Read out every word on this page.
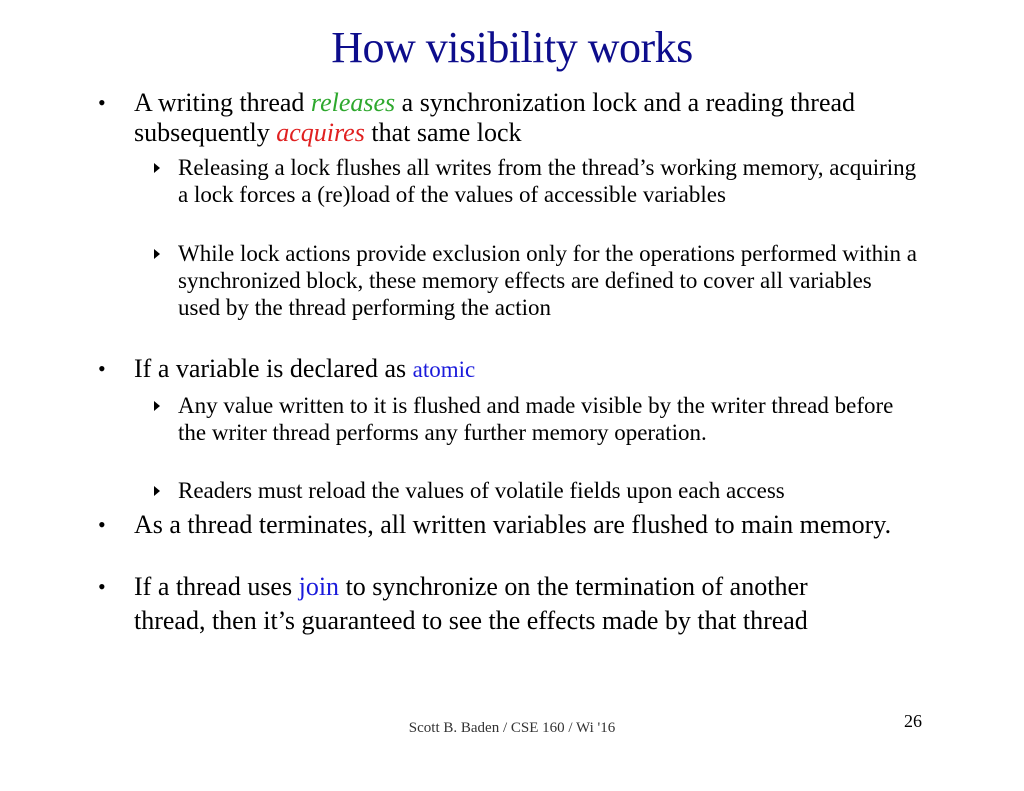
How visibility works
• A writing thread releases a synchronization lock and a reading thread subsequently acquires that same lock
Releasing a lock flushes all writes from the thread’s working memory, acquiring a lock forces a (re)load of the values of accessible variables
While lock actions provide exclusion only for the operations performed within a synchronized block, these memory effects are defined to cover all variables used by the thread performing the action
• If a variable is declared as atomic
Any value written to it is flushed and made visible by the writer thread before the writer thread performs any further memory operation.
Readers must reload the values of volatile fields upon each access
• As a thread terminates, all written variables are flushed to main memory.
• If a thread uses join to synchronize on the termination of another
thread, then it’s guaranteed to see the effects made by that thread
Scott B. Baden / CSE 160 / Wi '16	26
